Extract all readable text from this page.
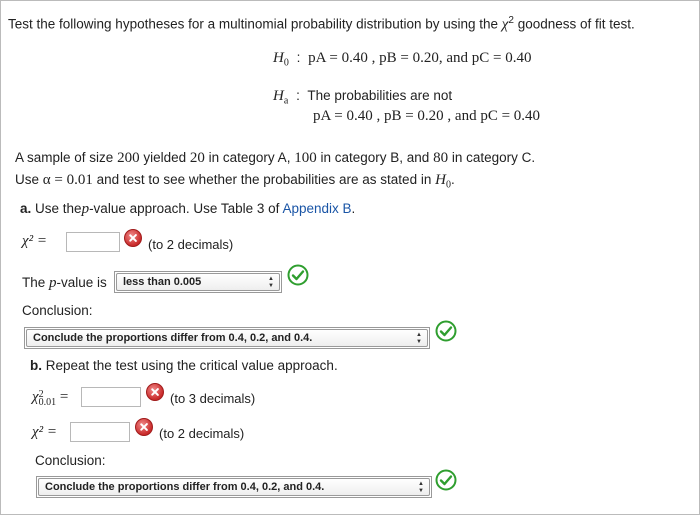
Test the following hypotheses for a multinomial probability distribution by using the $\chi^2$ goodness of fit test.
$H_0$ : pA = 0.40 , pB = 0.20, and pC = 0.40
$H_a$ : The probabilities are not
pA = 0.40 , pB = 0.20 , and pC = 0.40
A sample of size 200 yielded 20 in category A, 100 in category B, and 80 in category C.
Use α = 0.01 and test to see whether the probabilities are as stated in $H_0$.
a. Use thep-value approach. Use Table 3 of Appendix B.
χ² =	(to 2 decimals)
The p-value is	less than 0.005	▲
▼
Conclusion:
Conclude the proportions differ from 0.4, 0.2, and 0.4.	▲
▼
b. Repeat the test using the critical value approach.
χ2
0.01 =	(to 3 decimals)
χ² =	(to 2 decimals)
Conclusion:
Conclude the proportions differ from 0.4, 0.2, and 0.4.	▲
▼
